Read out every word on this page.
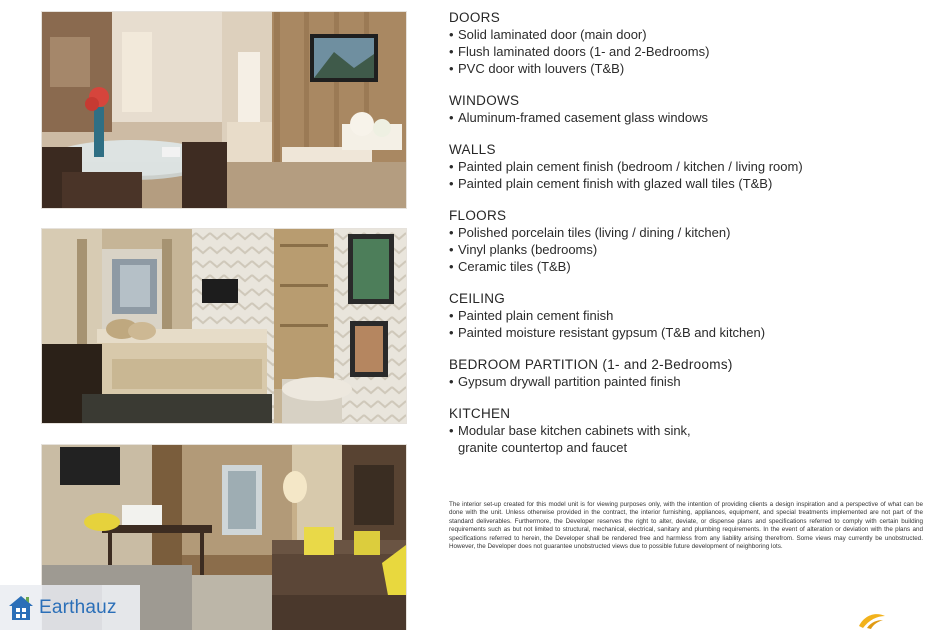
DOORS
• Solid laminated door (main door)
• Flush laminated doors (1- and 2-Bedrooms)
• PVC door with louvers (T&B)
WINDOWS
• Aluminum-framed casement glass windows
WALLS
• Painted plain cement finish (bedroom / kitchen / living room)
• Painted plain cement finish with glazed wall tiles (T&B)
FLOORS
• Polished porcelain tiles (living / dining / kitchen)
• Vinyl planks (bedrooms)
• Ceramic tiles (T&B)
CEILING
• Painted plain cement finish
• Painted moisture resistant gypsum (T&B and kitchen)
BEDROOM PARTITION (1- and 2-Bedrooms)
• Gypsum drywall partition painted finish
KITCHEN
• Modular base kitchen cabinets with sink,
granite countertop and faucet
The interior set-up created for this model unit is for viewing purposes only, with the intention of providing clients a design inspiration and a perspective of what can be done with the unit. Unless otherwise provided in the contract, the interior furnishing, appliances, equipment, and special treatments implemented are not part of the standard deliverables. Furthermore, the Developer reserves the right to alter, deviate, or dispense plans and specifications referred to comply with certain building requirements such as but not limited to structural, mechanical, electrical, sanitary and plumbing requirements. In the event of alteration or deviation with the plans and specifications referred to herein, the Developer shall be rendered free and harmless from any liability arising therefrom. Some views may currently be unobstructed. However, the Developer does not guarantee unobstructed views due to possible future development of neighboring lots.
Earthauz
